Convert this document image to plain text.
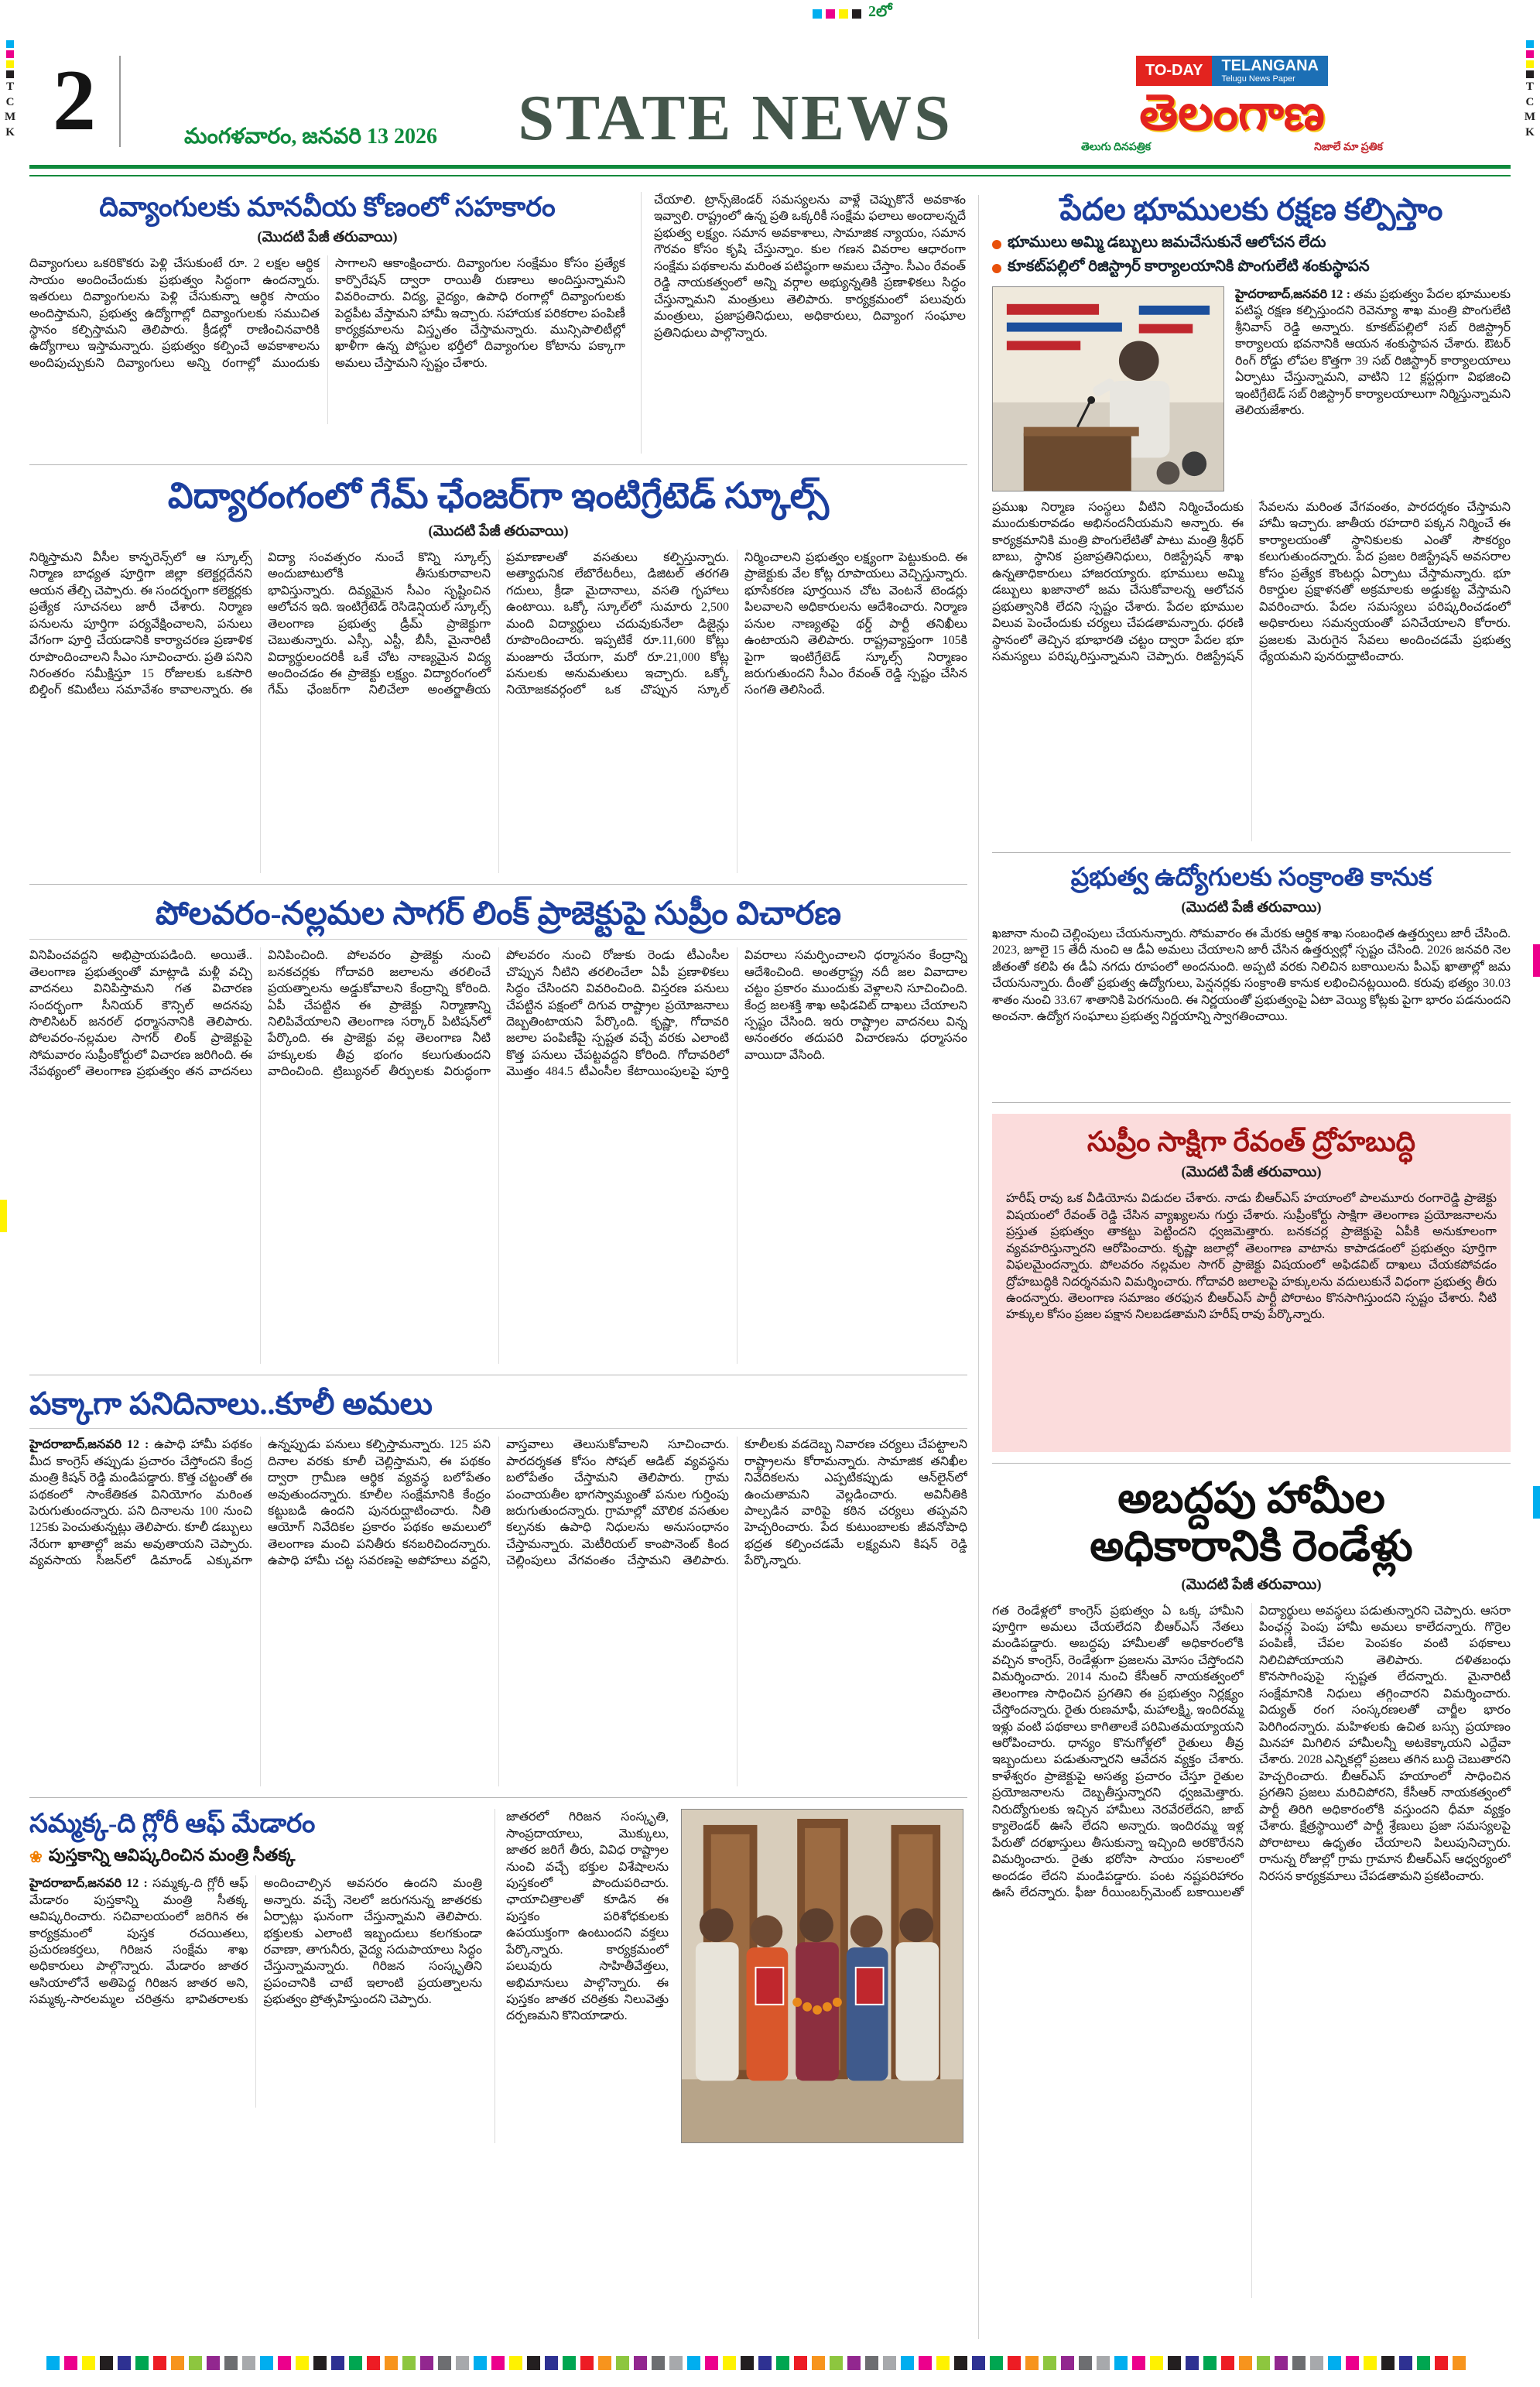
2లో
T
C
M
K
T
C
M
K
2	మంగళవారం, జనవరి 13 2026 STATE NEWS
TO-DAY	TELANGANA
Telugu News Paper
తెలంగాణ
తెలుగు దినపత్రిక	నిజాలే మా ప్రతిక
దివ్యాంగులకు మానవీయ కోణంలో సహకారం
(మొదటి పేజీ తరువాయి)

దివ్యాంగులు ఒకరికొకరు పెళ్లి చేసుకుంటే రూ. 2 లక్షల ఆర్థిక సాయం అందించేందుకు ప్రభుత్వం సిద్ధంగా ఉందన్నారు. ఇతరులు దివ్యాంగులను పెళ్లి చేసుకున్నా ఆర్థిక సాయం అందిస్తామని, ప్రభుత్వ ఉద్యోగాల్లో దివ్యాంగులకు సముచిత స్థానం కల్పిస్తామని తెలిపారు. క్రీడల్లో రాణించినవారికి ఉద్యోగాలు ఇస్తామన్నారు. ప్రభుత్వం కల్పించే అవకాశాలను అందిపుచ్చుకుని దివ్యాంగులు అన్ని రంగాల్లో ముందుకు సాగాలని ఆకాంక్షించారు. దివ్యాంగుల సంక్షేమం కోసం ప్రత్యేక కార్పొరేషన్ ద్వారా రాయితీ రుణాలు అందిస్తున్నామని వివరించారు. విద్య, వైద్యం, ఉపాధి రంగాల్లో దివ్యాంగులకు పెద్దపీట వేస్తామని హామీ ఇచ్చారు. సహాయక పరికరాల పంపిణీ కార్యక్రమాలను విస్తృతం చేస్తామన్నారు. మున్సిపాలిటీల్లో ఖాళీగా ఉన్న పోస్టుల భర్తీలో దివ్యాంగుల కోటాను పక్కాగా అమలు చేస్తామని స్పష్టం చేశారు.

చేయాలి. ట్రాన్స్‌జెండర్ సమస్యలను వాళ్లే చెప్పుకొనే అవకాశం ఇవ్వాలి. రాష్ట్రంలో ఉన్న ప్రతి ఒక్కరికీ సంక్షేమ ఫలాలు అందాలన్నదే ప్రభుత్వ లక్ష్యం. సమాన అవకాశాలు, సామాజిక న్యాయం, సమాన గౌరవం కోసం కృషి చేస్తున్నాం. కుల గణన వివరాల ఆధారంగా సంక్షేమ పథకాలను మరింత పటిష్ఠంగా అమలు చేస్తాం. సీఎం రేవంత్ రెడ్డి నాయకత్వంలో అన్ని వర్గాల అభ్యున్నతికి ప్రణాళికలు సిద్ధం చేస్తున్నామని మంత్రులు తెలిపారు. కార్యక్రమంలో పలువురు మంత్రులు, ప్రజాప్రతినిధులు, అధికారులు, దివ్యాంగ సంఘాల ప్రతినిధులు పాల్గొన్నారు.

విద్యారంగంలో గేమ్ ఛేంజర్‌గా ఇంటిగ్రేటెడ్ స్కూల్స్
(మొదటి పేజీ తరువాయి)

నిర్మిస్తామని వీసీల కాన్ఫరెన్స్‌లో ఆ స్కూల్స్ నిర్మాణ బాధ్యత పూర్తిగా జిల్లా కలెక్టర్లదేనని ఆయన తేల్చి చెప్పారు. ఈ సందర్భంగా కలెక్టర్లకు ప్రత్యేక సూచనలు జారీ చేశారు. నిర్మాణ పనులను పూర్తిగా పర్యవేక్షించాలని, పనులు వేగంగా పూర్తి చేయడానికి కార్యాచరణ ప్రణాళిక రూపొందించాలని సీఎం సూచించారు. ప్రతి పనిని నిరంతరం సమీక్షిస్తూ 15 రోజులకు ఒకసారి బిల్డింగ్ కమిటీలు సమావేశం కావాలన్నారు. ఈ విద్యా సంవత్సరం నుంచే కొన్ని స్కూల్స్ అందుబాటులోకి తీసుకురావాలని భావిస్తున్నారు. దివ్యమైన సీఎం సృష్టించిన ఆలోచన ఇది. ఇంటిగ్రేటెడ్ రెసిడెన్షియల్ స్కూల్స్ తెలంగాణ ప్రభుత్వ డ్రీమ్ ప్రాజెక్టుగా చెబుతున్నారు. ఎస్సీ, ఎస్టీ, బీసీ, మైనారిటీ విద్యార్థులందరికీ ఒకే చోట నాణ్యమైన విద్య అందించడం ఈ ప్రాజెక్టు లక్ష్యం. విద్యారంగంలో గేమ్ ఛేంజర్‌గా నిలిచేలా అంతర్జాతీయ ప్రమాణాలతో వసతులు కల్పిస్తున్నారు. అత్యాధునిక లేబొరేటరీలు, డిజిటల్ తరగతి గదులు, క్రీడా మైదానాలు, వసతి గృహాలు ఉంటాయి. ఒక్కో స్కూల్‌లో సుమారు 2,500 మంది విద్యార్థులు చదువుకునేలా డిజైన్లు రూపొందించారు. ఇప్పటికే రూ.11,600 కోట్లు మంజూరు చేయగా, మరో రూ.21,000 కోట్ల పనులకు అనుమతులు ఇచ్చారు. ఒక్కో నియోజకవర్గంలో ఒక చొప్పున స్కూల్ నిర్మించాలని ప్రభుత్వం లక్ష్యంగా పెట్టుకుంది. ఈ ప్రాజెక్టుకు వేల కోట్ల రూపాయలు వెచ్చిస్తున్నారు. భూసేకరణ పూర్తయిన చోట వెంటనే టెండర్లు పిలవాలని అధికారులను ఆదేశించారు. నిర్మాణ పనుల నాణ్యతపై థర్డ్ పార్టీ తనిఖీలు ఉంటాయని తెలిపారు. రాష్ట్రవ్యాప్తంగా 105కి పైగా ఇంటిగ్రేటెడ్ స్కూల్స్ నిర్మాణం జరుగుతుందని సీఎం రేవంత్ రెడ్డి స్పష్టం చేసిన సంగతి తెలిసిందే.

పోలవరం-నల్లమల సాగర్ లింక్ ప్రాజెక్టుపై సుప్రీం విచారణ

వినిపించవద్దని అభిప్రాయపడింది. అయితే.. తెలంగాణ ప్రభుత్వంతో మాట్లాడి మళ్లీ వచ్చి వాదనలు వినిపిస్తామని గత విచారణ సందర్భంగా సీనియర్ కౌన్సిల్ అదనపు సొలిసిటర్ జనరల్ ధర్మాసనానికి తెలిపారు. పోలవరం-నల్లమల సాగర్ లింక్ ప్రాజెక్టుపై సోమవారం సుప్రీంకోర్టులో విచారణ జరిగింది. ఈ నేపథ్యంలో తెలంగాణ ప్రభుత్వం తన వాదనలు వినిపించింది. పోలవరం ప్రాజెక్టు నుంచి బనకచర్లకు గోదావరి జలాలను తరలించే ప్రయత్నాలను అడ్డుకోవాలని కేంద్రాన్ని కోరింది. ఏపీ చేపట్టిన ఈ ప్రాజెక్టు నిర్మాణాన్ని నిలిపివేయాలని తెలంగాణ సర్కార్ పిటిషన్‌లో పేర్కొంది. ఈ ప్రాజెక్టు వల్ల తెలంగాణ నీటి హక్కులకు తీవ్ర భంగం కలుగుతుందని వాదించింది. ట్రిబ్యునల్ తీర్పులకు విరుద్ధంగా పోలవరం నుంచి రోజుకు రెండు టీఎంసీల చొప్పున నీటిని తరలించేలా ఏపీ ప్రణాళికలు సిద్ధం చేసిందని వివరించింది. విస్తరణ పనులు చేపట్టిన పక్షంలో దిగువ రాష్ట్రాల ప్రయోజనాలు దెబ్బతింటాయని పేర్కొంది. కృష్ణా, గోదావరి జలాల పంపిణీపై స్పష్టత వచ్చే వరకు ఎలాంటి కొత్త పనులు చేపట్టవద్దని కోరింది. గోదావరిలో మొత్తం 484.5 టీఎంసీల కేటాయింపులపై పూర్తి వివరాలు సమర్పించాలని ధర్మాసనం కేంద్రాన్ని ఆదేశించింది. అంతర్రాష్ట్ర నదీ జల వివాదాల చట్టం ప్రకారం ముందుకు వెళ్లాలని సూచించింది. కేంద్ర జలశక్తి శాఖ అఫిడవిట్ దాఖలు చేయాలని స్పష్టం చేసింది. ఇరు రాష్ట్రాల వాదనలు విన్న అనంతరం తదుపరి విచారణను ధర్మాసనం వాయిదా వేసింది.

పక్కాగా పనిదినాలు..కూలీ అమలు

హైదరాబాద్,జనవరి 12 : ఉపాధి హామీ పథకం మీద కాంగ్రెస్ తప్పుడు ప్రచారం చేస్తోందని కేంద్ర మంత్రి కిషన్ రెడ్డి మండిపడ్డారు. కొత్త చట్టంతో ఈ పథకంలో సాంకేతికత వినియోగం మరింత పెరుగుతుందన్నారు. పని దినాలను 100 నుంచి 125కు పెంచుతున్నట్లు తెలిపారు. కూలీ డబ్బులు నేరుగా ఖాతాల్లో జమ అవుతాయని చెప్పారు. వ్యవసాయ సీజన్‌లో డిమాండ్ ఎక్కువగా ఉన్నప్పుడు పనులు కల్పిస్తామన్నారు. 125 పని దినాల వరకు కూలీ చెల్లిస్తామని, ఈ పథకం ద్వారా గ్రామీణ ఆర్థిక వ్యవస్థ బలోపేతం అవుతుందన్నారు. కూలీల సంక్షేమానికి కేంద్రం కట్టుబడి ఉందని పునరుద్ఘాటించారు. నీతి ఆయోగ్ నివేదికల ప్రకారం పథకం అమలులో తెలంగాణ మంచి పనితీరు కనబరిచిందన్నారు. ఉపాధి హామీ చట్ట సవరణపై అపోహలు వద్దని, వాస్తవాలు తెలుసుకోవాలని సూచించారు. పారదర్శకత కోసం సోషల్ ఆడిట్ వ్యవస్థను బలోపేతం చేస్తామని తెలిపారు. గ్రామ పంచాయతీల భాగస్వామ్యంతో పనుల గుర్తింపు జరుగుతుందన్నారు. గ్రామాల్లో మౌలిక వసతుల కల్పనకు ఉపాధి నిధులను అనుసంధానం చేస్తామన్నారు. మెటీరియల్ కాంపొనెంట్ కింద చెల్లింపులు వేగవంతం చేస్తామని తెలిపారు. కూలీలకు వడదెబ్బ నివారణ చర్యలు చేపట్టాలని రాష్ట్రాలను కోరామన్నారు. సామాజిక తనిఖీల నివేదికలను ఎప్పటికప్పుడు ఆన్‌లైన్‌లో ఉంచుతామని వెల్లడించారు. అవినీతికి పాల్పడిన వారిపై కఠిన చర్యలు తప్పవని హెచ్చరించారు. పేద కుటుంబాలకు జీవనోపాధి భద్రత కల్పించడమే లక్ష్యమని కిషన్ రెడ్డి పేర్కొన్నారు.

సమ్మక్క-ది గ్లోరీ ఆఫ్ మేడారం
❀ పుస్తకాన్ని ఆవిష్కరించిన మంత్రి సీతక్క

హైదరాబాద్,జనవరి 12 : సమ్మక్క-ది గ్లోరీ ఆఫ్ మేడారం పుస్తకాన్ని మంత్రి సీతక్క ఆవిష్కరించారు. సచివాలయంలో జరిగిన ఈ కార్యక్రమంలో పుస్తక రచయితలు, ప్రచురణకర్తలు, గిరిజన సంక్షేమ శాఖ అధికారులు పాల్గొన్నారు. మేడారం జాతర ఆసియాలోనే అతిపెద్ద గిరిజన జాతర అని, సమ్మక్క-సారలమ్మల చరిత్రను భావితరాలకు అందించాల్సిన అవసరం ఉందని మంత్రి అన్నారు. వచ్చే నెలలో జరుగనున్న జాతరకు ఏర్పాట్లు ఘనంగా చేస్తున్నామని తెలిపారు. భక్తులకు ఎలాంటి ఇబ్బందులు కలగకుండా రవాణా, తాగునీరు, వైద్య సదుపాయాలు సిద్ధం చేస్తున్నామన్నారు. గిరిజన సంస్కృతిని ప్రపంచానికి చాటే ఇలాంటి ప్రయత్నాలను ప్రభుత్వం ప్రోత్సహిస్తుందని చెప్పారు.

జాతరలో గిరిజన సంస్కృతి, సాంప్రదాయాలు, మొక్కులు, జాతర జరిగే తీరు, వివిధ రాష్ట్రాల నుంచి వచ్చే భక్తుల విశేషాలను పుస్తకంలో పొందుపరిచారు. ఛాయాచిత్రాలతో కూడిన ఈ పుస్తకం పరిశోధకులకు ఉపయుక్తంగా ఉంటుందని వక్తలు పేర్కొన్నారు. కార్యక్రమంలో పలువురు సాహితీవేత్తలు, అభిమానులు పాల్గొన్నారు. ఈ పుస్తకం జాతర చరిత్రకు నిలువెత్తు దర్పణమని కొనియాడారు.

పేదల భూములకు రక్షణ కల్పిస్తాం
భూములు అమ్మి డబ్బులు జమచేసుకునే ఆలోచన లేదు
కూకట్‌పల్లిలో రిజిస్ట్రార్ కార్యాలయానికి పొంగులేటి శంకుస్థాపన

హైదరాబాద్,జనవరి 12 : తమ ప్రభుత్వం పేదల భూములకు పటిష్ఠ రక్షణ కల్పిస్తుందని రెవెన్యూ శాఖ మంత్రి పొంగులేటి శ్రీనివాస్ రెడ్డి అన్నారు. కూకట్‌పల్లిలో సబ్ రిజిస్ట్రార్ కార్యాలయ భవనానికి ఆయన శంకుస్థాపన చేశారు. ఔటర్ రింగ్ రోడ్డు లోపల కొత్తగా 39 సబ్ రిజిస్ట్రార్ కార్యాలయాలు ఏర్పాటు చేస్తున్నామని, వాటిని 12 క్లస్టర్లుగా విభజించి ఇంటిగ్రేటెడ్ సబ్ రిజిస్ట్రార్ కార్యాలయాలుగా నిర్మిస్తున్నామని తెలియజేశారు.

ప్రముఖ నిర్మాణ సంస్థలు వీటిని నిర్మించేందుకు ముందుకురావడం అభినందనీయమని అన్నారు. ఈ కార్యక్రమానికి మంత్రి పొంగులేటితో పాటు మంత్రి శ్రీధర్ బాబు, స్థానిక ప్రజాప్రతినిధులు, రిజిస్ట్రేషన్ శాఖ ఉన్నతాధికారులు హాజరయ్యారు. భూములు అమ్మి డబ్బులు ఖజానాలో జమ చేసుకోవాలన్న ఆలోచన ప్రభుత్వానికి లేదని స్పష్టం చేశారు. పేదల భూముల విలువ పెంచేందుకు చర్యలు చేపడతామన్నారు. ధరణి స్థానంలో తెచ్చిన భూభారతి చట్టం ద్వారా పేదల భూ సమస్యలు పరిష్కరిస్తున్నామని చెప్పారు. రిజిస్ట్రేషన్ సేవలను మరింత వేగవంతం, పారదర్శకం చేస్తామని హామీ ఇచ్చారు. జాతీయ రహదారి పక్కన నిర్మించే ఈ కార్యాలయంతో స్థానికులకు ఎంతో సౌకర్యం కలుగుతుందన్నారు. పేద ప్రజల రిజిస్ట్రేషన్ అవసరాల కోసం ప్రత్యేక కౌంటర్లు ఏర్పాటు చేస్తామన్నారు. భూ రికార్డుల ప్రక్షాళనతో అక్రమాలకు అడ్డుకట్ట వేస్తామని వివరించారు. పేదల సమస్యలు పరిష్కరించడంలో అధికారులు సమన్వయంతో పనిచేయాలని కోరారు. ప్రజలకు మెరుగైన సేవలు అందించడమే ప్రభుత్వ ధ్యేయమని పునరుద్ఘాటించారు.

ప్రభుత్వ ఉద్యోగులకు సంక్రాంతి కానుక
(మొదటి పేజీ తరువాయి)

ఖజానా నుంచి చెల్లింపులు చేయనున్నారు. సోమవారం ఈ మేరకు ఆర్థిక శాఖ సంబంధిత ఉత్తర్వులు జారీ చేసింది. 2023, జూలై 15 తేదీ నుంచి ఆ డీఏ అమలు చేయాలని జారీ చేసిన ఉత్తర్వుల్లో స్పష్టం చేసింది. 2026 జనవరి నెల జీతంతో కలిపి ఈ డీఏ నగదు రూపంలో అందనుంది. అప్పటి వరకు నిలిచిన బకాయిలను పీఎఫ్ ఖాతాల్లో జమ చేయనున్నారు. దీంతో ప్రభుత్వ ఉద్యోగులు, పెన్షనర్లకు సంక్రాంతి కానుక లభించినట్లయింది. కరువు భత్యం 30.03 శాతం నుంచి 33.67 శాతానికి పెరగనుంది. ఈ నిర్ణయంతో ప్రభుత్వంపై ఏటా వెయ్యి కోట్లకు పైగా భారం పడనుందని అంచనా. ఉద్యోగ సంఘాలు ప్రభుత్వ నిర్ణయాన్ని స్వాగతించాయి.

సుప్రీం సాక్షిగా రేవంత్ ద్రోహబుద్ధి
(మొదటి పేజీ తరువాయి)

హరీష్ రావు ఒక వీడియోను విడుదల చేశారు. నాడు బీఆర్ఎస్ హయాంలో పాలమూరు రంగారెడ్డి ప్రాజెక్టు విషయంలో రేవంత్ రెడ్డి చేసిన వ్యాఖ్యలను గుర్తు చేశారు. సుప్రీంకోర్టు సాక్షిగా తెలంగాణ ప్రయోజనాలను ప్రస్తుత ప్రభుత్వం తాకట్టు పెట్టిందని ధ్వజమెత్తారు. బనకచర్ల ప్రాజెక్టుపై ఏపీకి అనుకూలంగా వ్యవహరిస్తున్నారని ఆరోపించారు. కృష్ణా జలాల్లో తెలంగాణ వాటాను కాపాడడంలో ప్రభుత్వం పూర్తిగా విఫలమైందన్నారు. పోలవరం నల్లమల సాగర్ ప్రాజెక్టు విషయంలో అఫిడవిట్ దాఖలు చేయకపోవడం ద్రోహబుద్ధికి నిదర్శనమని విమర్శించారు. గోదావరి జలాలపై హక్కులను వదులుకునే విధంగా ప్రభుత్వ తీరు ఉందన్నారు. తెలంగాణ సమాజం తరఫున బీఆర్ఎస్ పార్టీ పోరాటం కొనసాగిస్తుందని స్పష్టం చేశారు. నీటి హక్కుల కోసం ప్రజల పక్షాన నిలబడతామని హరీష్ రావు పేర్కొన్నారు.

అబద్దపు హామీల
అధికారానికి రెండేళ్లు
(మొదటి పేజీ తరువాయి)

గత రెండేళ్లలో కాంగ్రెస్ ప్రభుత్వం ఏ ఒక్క హామీని పూర్తిగా అమలు చేయలేదని బీఆర్ఎస్ నేతలు మండిపడ్డారు. అబద్ధపు హామీలతో అధికారంలోకి వచ్చిన కాంగ్రెస్, రెండేళ్లుగా ప్రజలను మోసం చేస్తోందని విమర్శించారు. 2014 నుంచి కేసీఆర్ నాయకత్వంలో తెలంగాణ సాధించిన ప్రగతిని ఈ ప్రభుత్వం నిర్లక్ష్యం చేస్తోందన్నారు. రైతు రుణమాఫీ, మహాలక్ష్మి, ఇందిరమ్మ ఇళ్లు వంటి పథకాలు కాగితాలకే పరిమితమయ్యాయని ఆరోపించారు. ధాన్యం కొనుగోళ్లలో రైతులు తీవ్ర ఇబ్బందులు పడుతున్నారని ఆవేదన వ్యక్తం చేశారు. కాళేశ్వరం ప్రాజెక్టుపై అసత్య ప్రచారం చేస్తూ రైతుల ప్రయోజనాలను దెబ్బతీస్తున్నారని ధ్వజమెత్తారు. నిరుద్యోగులకు ఇచ్చిన హామీలు నెరవేరలేదని, జాబ్ క్యాలెండర్ ఊసే లేదని అన్నారు. ఇందిరమ్మ ఇళ్ల పేరుతో దరఖాస్తులు తీసుకున్నా ఇచ్చింది అరకొరేనని విమర్శించారు. రైతు భరోసా సాయం సకాలంలో అందడం లేదని మండిపడ్డారు. పంట నష్టపరిహారం ఊసే లేదన్నారు. ఫీజు రీయింబర్స్‌మెంట్ బకాయిలతో విద్యార్థులు అవస్థలు పడుతున్నారని చెప్పారు. ఆసరా పింఛన్ల పెంపు హామీ అమలు కాలేదన్నారు. గొర్రెల పంపిణీ, చేపల పెంపకం వంటి పథకాలు నిలిచిపోయాయని తెలిపారు. దళితబంధు కొనసాగింపుపై స్పష్టత లేదన్నారు. మైనారిటీ సంక్షేమానికి నిధులు తగ్గించారని విమర్శించారు. విద్యుత్ రంగ సంస్కరణలతో చార్జీల భారం పెరిగిందన్నారు. మహిళలకు ఉచిత బస్సు ప్రయాణం మినహా మిగిలిన హామీలన్నీ అటకెక్కాయని ఎద్దేవా చేశారు. 2028 ఎన్నికల్లో ప్రజలు తగిన బుద్ధి చెబుతారని హెచ్చరించారు. బీఆర్ఎస్ హయాంలో సాధించిన ప్రగతిని ప్రజలు మరిచిపోరని, కేసీఆర్ నాయకత్వంలో పార్టీ తిరిగి అధికారంలోకి వస్తుందని ధీమా వ్యక్తం చేశారు. క్షేత్రస్థాయిలో పార్టీ శ్రేణులు ప్రజా సమస్యలపై పోరాటాలు ఉధృతం చేయాలని పిలుపునిచ్చారు. రానున్న రోజుల్లో గ్రామ గ్రామాన బీఆర్ఎస్ ఆధ్వర్యంలో నిరసన కార్యక్రమాలు చేపడతామని ప్రకటించారు.
